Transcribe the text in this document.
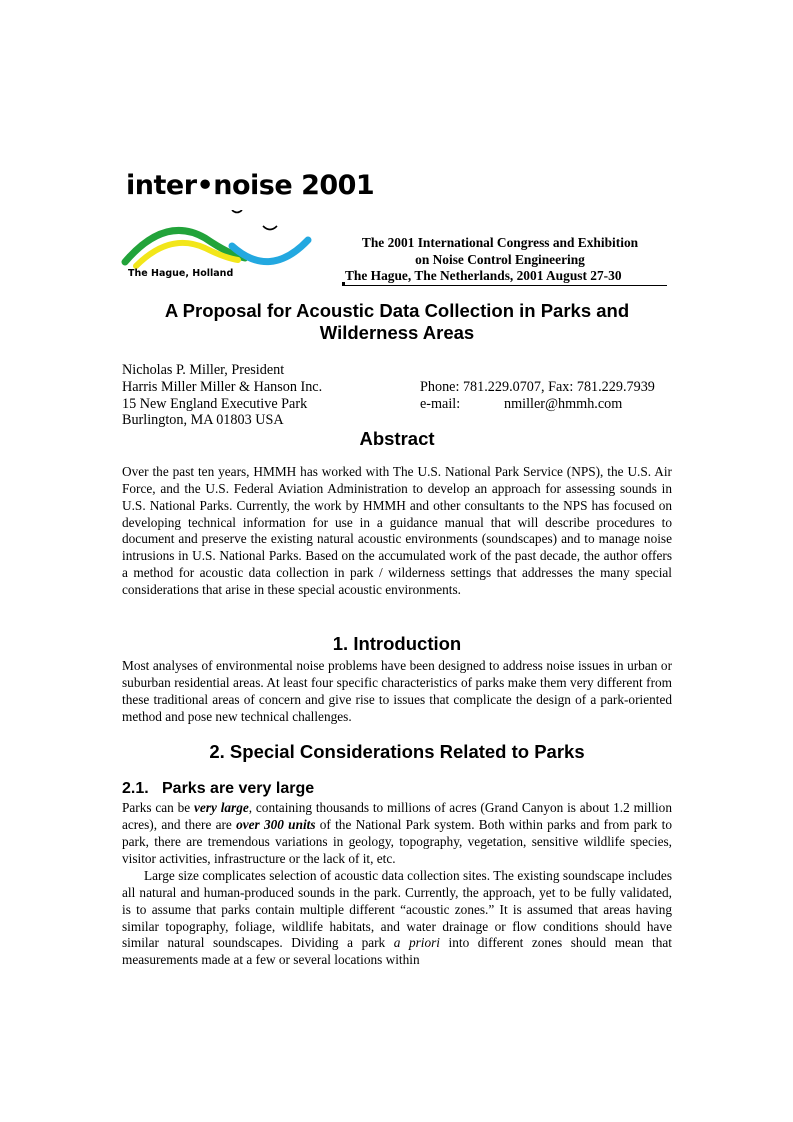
inter•noise 2001
The Hague, Holland
The 2001 International Congress and Exhibition
on Noise Control Engineering
The Hague, The Netherlands, 2001 August 27-30
A Proposal for Acoustic Data Collection in Parks and Wilderness Areas
Nicholas P. Miller, President
Harris Miller Miller & Hanson Inc.	Phone: 781.229.0707, Fax: 781.229.7939
15 New England Executive Park	e-mail:	nmiller@hmmh.com
Burlington, MA 01803 USA
Abstract
Over the past ten years, HMMH has worked with The U.S. National Park Service (NPS), the U.S. Air Force, and the U.S. Federal Aviation Administration to develop an approach for assessing sounds in U.S. National Parks. Currently, the work by HMMH and other consultants to the NPS has focused on developing technical information for use in a guidance manual that will describe procedures to document and preserve the existing natural acoustic environments (soundscapes) and to manage noise intrusions in U.S. National Parks. Based on the accumulated work of the past decade, the author offers a method for acoustic data collection in park / wilderness settings that addresses the many special considerations that arise in these special acoustic environments.
1. Introduction
Most analyses of environmental noise problems have been designed to address noise issues in urban or suburban residential areas. At least four specific characteristics of parks make them very different from these traditional areas of concern and give rise to issues that complicate the design of a park-oriented method and pose new technical challenges.
2. Special Considerations Related to Parks
2.1. Parks are very large
Parks can be very large, containing thousands to millions of acres (Grand Canyon is about 1.2 million acres), and there are over 300 units of the National Park system. Both within parks and from park to park, there are tremendous variations in geology, topography, vegetation, sensitive wildlife species, visitor activities, infrastructure or the lack of it, etc.
Large size complicates selection of acoustic data collection sites. The existing soundscape includes all natural and human-produced sounds in the park. Currently, the approach, yet to be fully validated, is to assume that parks contain multiple different “acoustic zones.” It is assumed that areas having similar topography, foliage, wildlife habitats, and water drainage or flow conditions should have similar natural soundscapes. Dividing a park a priori into different zones should mean that measurements made at a few or several locations within
